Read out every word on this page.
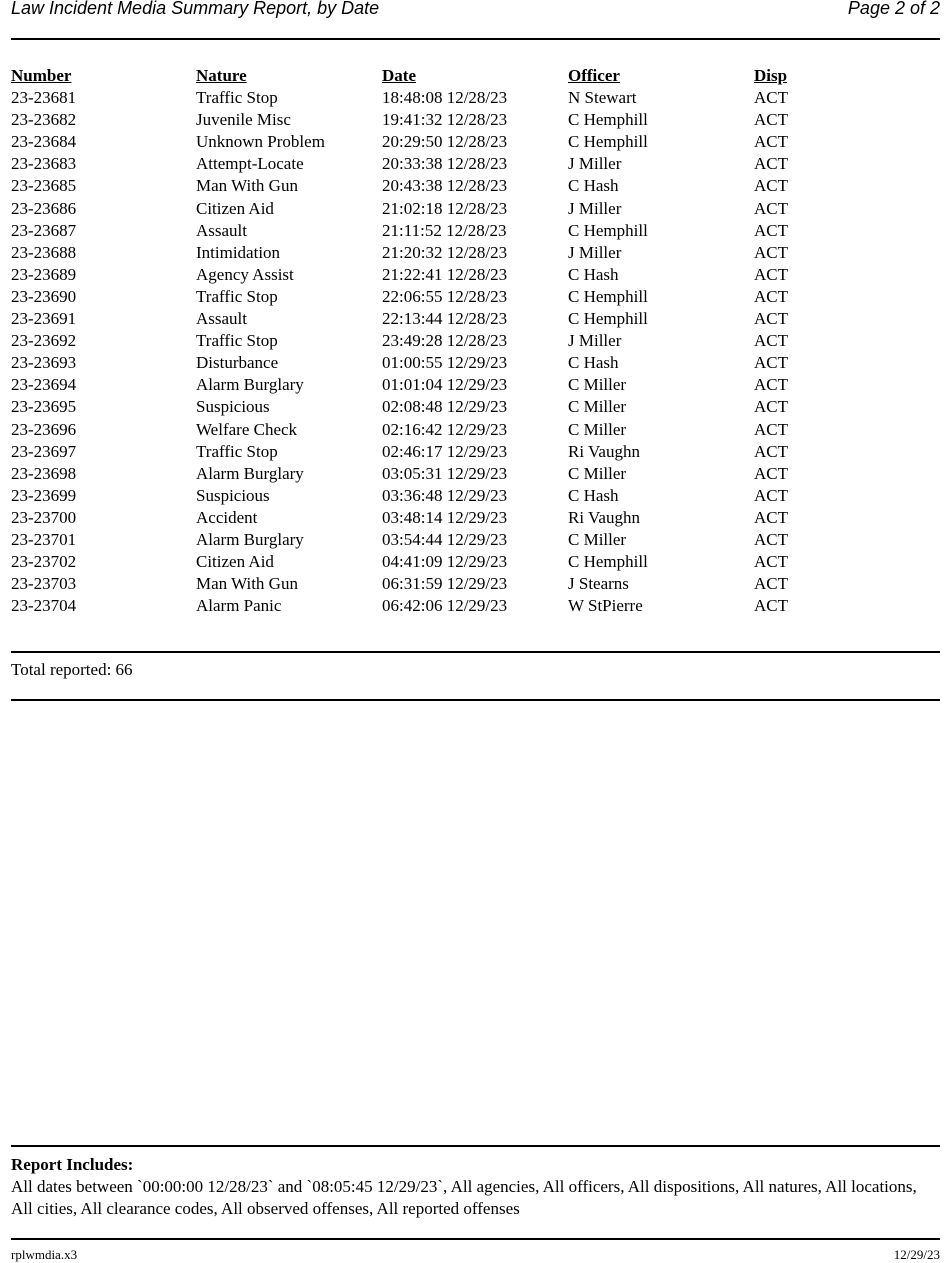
Law Incident Media Summary Report, by Date	Page 2 of 2
Number	Nature	Date	Officer	Disp
23-23681	Traffic Stop	18:48:08 12/28/23	N Stewart	ACT
23-23682	Juvenile Misc	19:41:32 12/28/23	C Hemphill	ACT
23-23684	Unknown Problem	20:29:50 12/28/23	C Hemphill	ACT
23-23683	Attempt-Locate	20:33:38 12/28/23	J Miller	ACT
23-23685	Man With Gun	20:43:38 12/28/23	C Hash	ACT
23-23686	Citizen Aid	21:02:18 12/28/23	J Miller	ACT
23-23687	Assault	21:11:52 12/28/23	C Hemphill	ACT
23-23688	Intimidation	21:20:32 12/28/23	J Miller	ACT
23-23689	Agency Assist	21:22:41 12/28/23	C Hash	ACT
23-23690	Traffic Stop	22:06:55 12/28/23	C Hemphill	ACT
23-23691	Assault	22:13:44 12/28/23	C Hemphill	ACT
23-23692	Traffic Stop	23:49:28 12/28/23	J Miller	ACT
23-23693	Disturbance	01:00:55 12/29/23	C Hash	ACT
23-23694	Alarm Burglary	01:01:04 12/29/23	C Miller	ACT
23-23695	Suspicious	02:08:48 12/29/23	C Miller	ACT
23-23696	Welfare Check	02:16:42 12/29/23	C Miller	ACT
23-23697	Traffic Stop	02:46:17 12/29/23	Ri Vaughn	ACT
23-23698	Alarm Burglary	03:05:31 12/29/23	C Miller	ACT
23-23699	Suspicious	03:36:48 12/29/23	C Hash	ACT
23-23700	Accident	03:48:14 12/29/23	Ri Vaughn	ACT
23-23701	Alarm Burglary	03:54:44 12/29/23	C Miller	ACT
23-23702	Citizen Aid	04:41:09 12/29/23	C Hemphill	ACT
23-23703	Man With Gun	06:31:59 12/29/23	J Stearns	ACT
23-23704	Alarm Panic	06:42:06 12/29/23	W StPierre	ACT
Total reported: 66
Report Includes:
All dates between `00:00:00 12/28/23` and `08:05:45 12/29/23`, All agencies, All officers, All dispositions, All natures, All locations, All cities, All clearance codes, All observed offenses, All reported offenses
rplwmdia.x3	12/29/23
